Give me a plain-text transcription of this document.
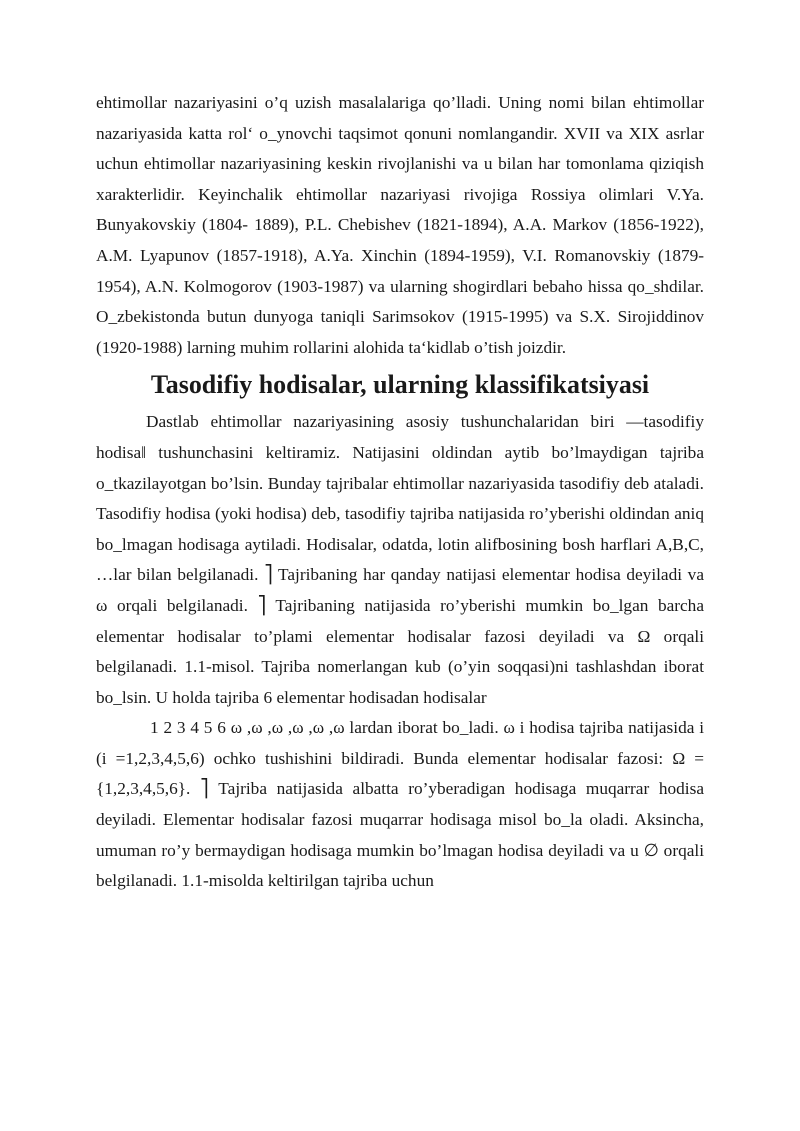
ehtimollar nazariyasini o’q uzish masalalariga qo’lladi. Uning nomi bilan ehtimollar nazariyasida katta rol‘ o_ynovchi taqsimot qonuni nomlangandir. XVII va XIX asrlar uchun ehtimollar nazariyasining keskin rivojlanishi va u bilan har tomonlama qiziqish xarakterlidir. Keyinchalik ehtimollar nazariyasi rivojiga Rossiya olimlari V.Ya. Bunyakovskiy (1804- 1889), P.L. Chebishev (1821-1894), A.A. Markov (1856-1922), A.M. Lyapunov (1857-1918), A.Ya. Xinchin (1894-1959), V.I. Romanovskiy (1879-1954), A.N. Kolmogorov (1903-1987) va ularning shogirdlari bebaho hissa qo_shdilar. O_zbekistonda butun dunyoga taniqli Sarimsokov (1915-1995) va S.X. Sirojiddinov (1920-1988) larning muhim rollarini alohida ta‘kidlab o’tish joizdir.

Tasodifiy hodisalar, ularning klassifikatsiyasi

Dastlab ehtimollar nazariyasining asosiy tushunchalaridan biri ―tasodifiy hodisa‖ tushunchasini keltiramiz. Natijasini oldindan aytib bo’lmaydigan tajriba o_tkazilayotgan bo’lsin. Bunday tajribalar ehtimollar nazariyasida tasodifiy deb ataladi. Tasodifiy hodisa (yoki hodisa) deb, tasodifiy tajriba natijasida ro’yberishi oldindan aniq bo_lmagan hodisaga aytiladi. Hodisalar, odatda, lotin alifbosining bosh harflari A,B,C, …lar bilan belgilanadi. ⎤ Tajribaning har qanday natijasi elementar hodisa deyiladi va ω orqali belgilanadi. ⎤ Tajribaning natijasida ro’yberishi mumkin bo_lgan barcha elementar hodisalar to’plami elementar hodisalar fazosi deyiladi va Ω orqali belgilanadi. 1.1-misol. Tajriba nomerlangan kub (o’yin soqqasi)ni tashlashdan iborat bo_lsin. U holda tajriba 6 elementar hodisadan hodisalar

1 2 3 4 5 6 ω ,ω ,ω ,ω ,ω ,ω lardan iborat bo_ladi. ω i hodisa tajriba natijasida i (i =1,2,3,4,5,6) ochko tushishini bildiradi. Bunda elementar hodisalar fazosi: Ω = {1,2,3,4,5,6}. ⎤ Tajriba natijasida albatta ro’yberadigan hodisaga muqarrar hodisa deyiladi. Elementar hodisalar fazosi muqarrar hodisaga misol bo_la oladi. Aksincha, umuman ro’y bermaydigan hodisaga mumkin bo’lmagan hodisa deyiladi va u ∅ orqali belgilanadi. 1.1-misolda keltirilgan tajriba uchun
